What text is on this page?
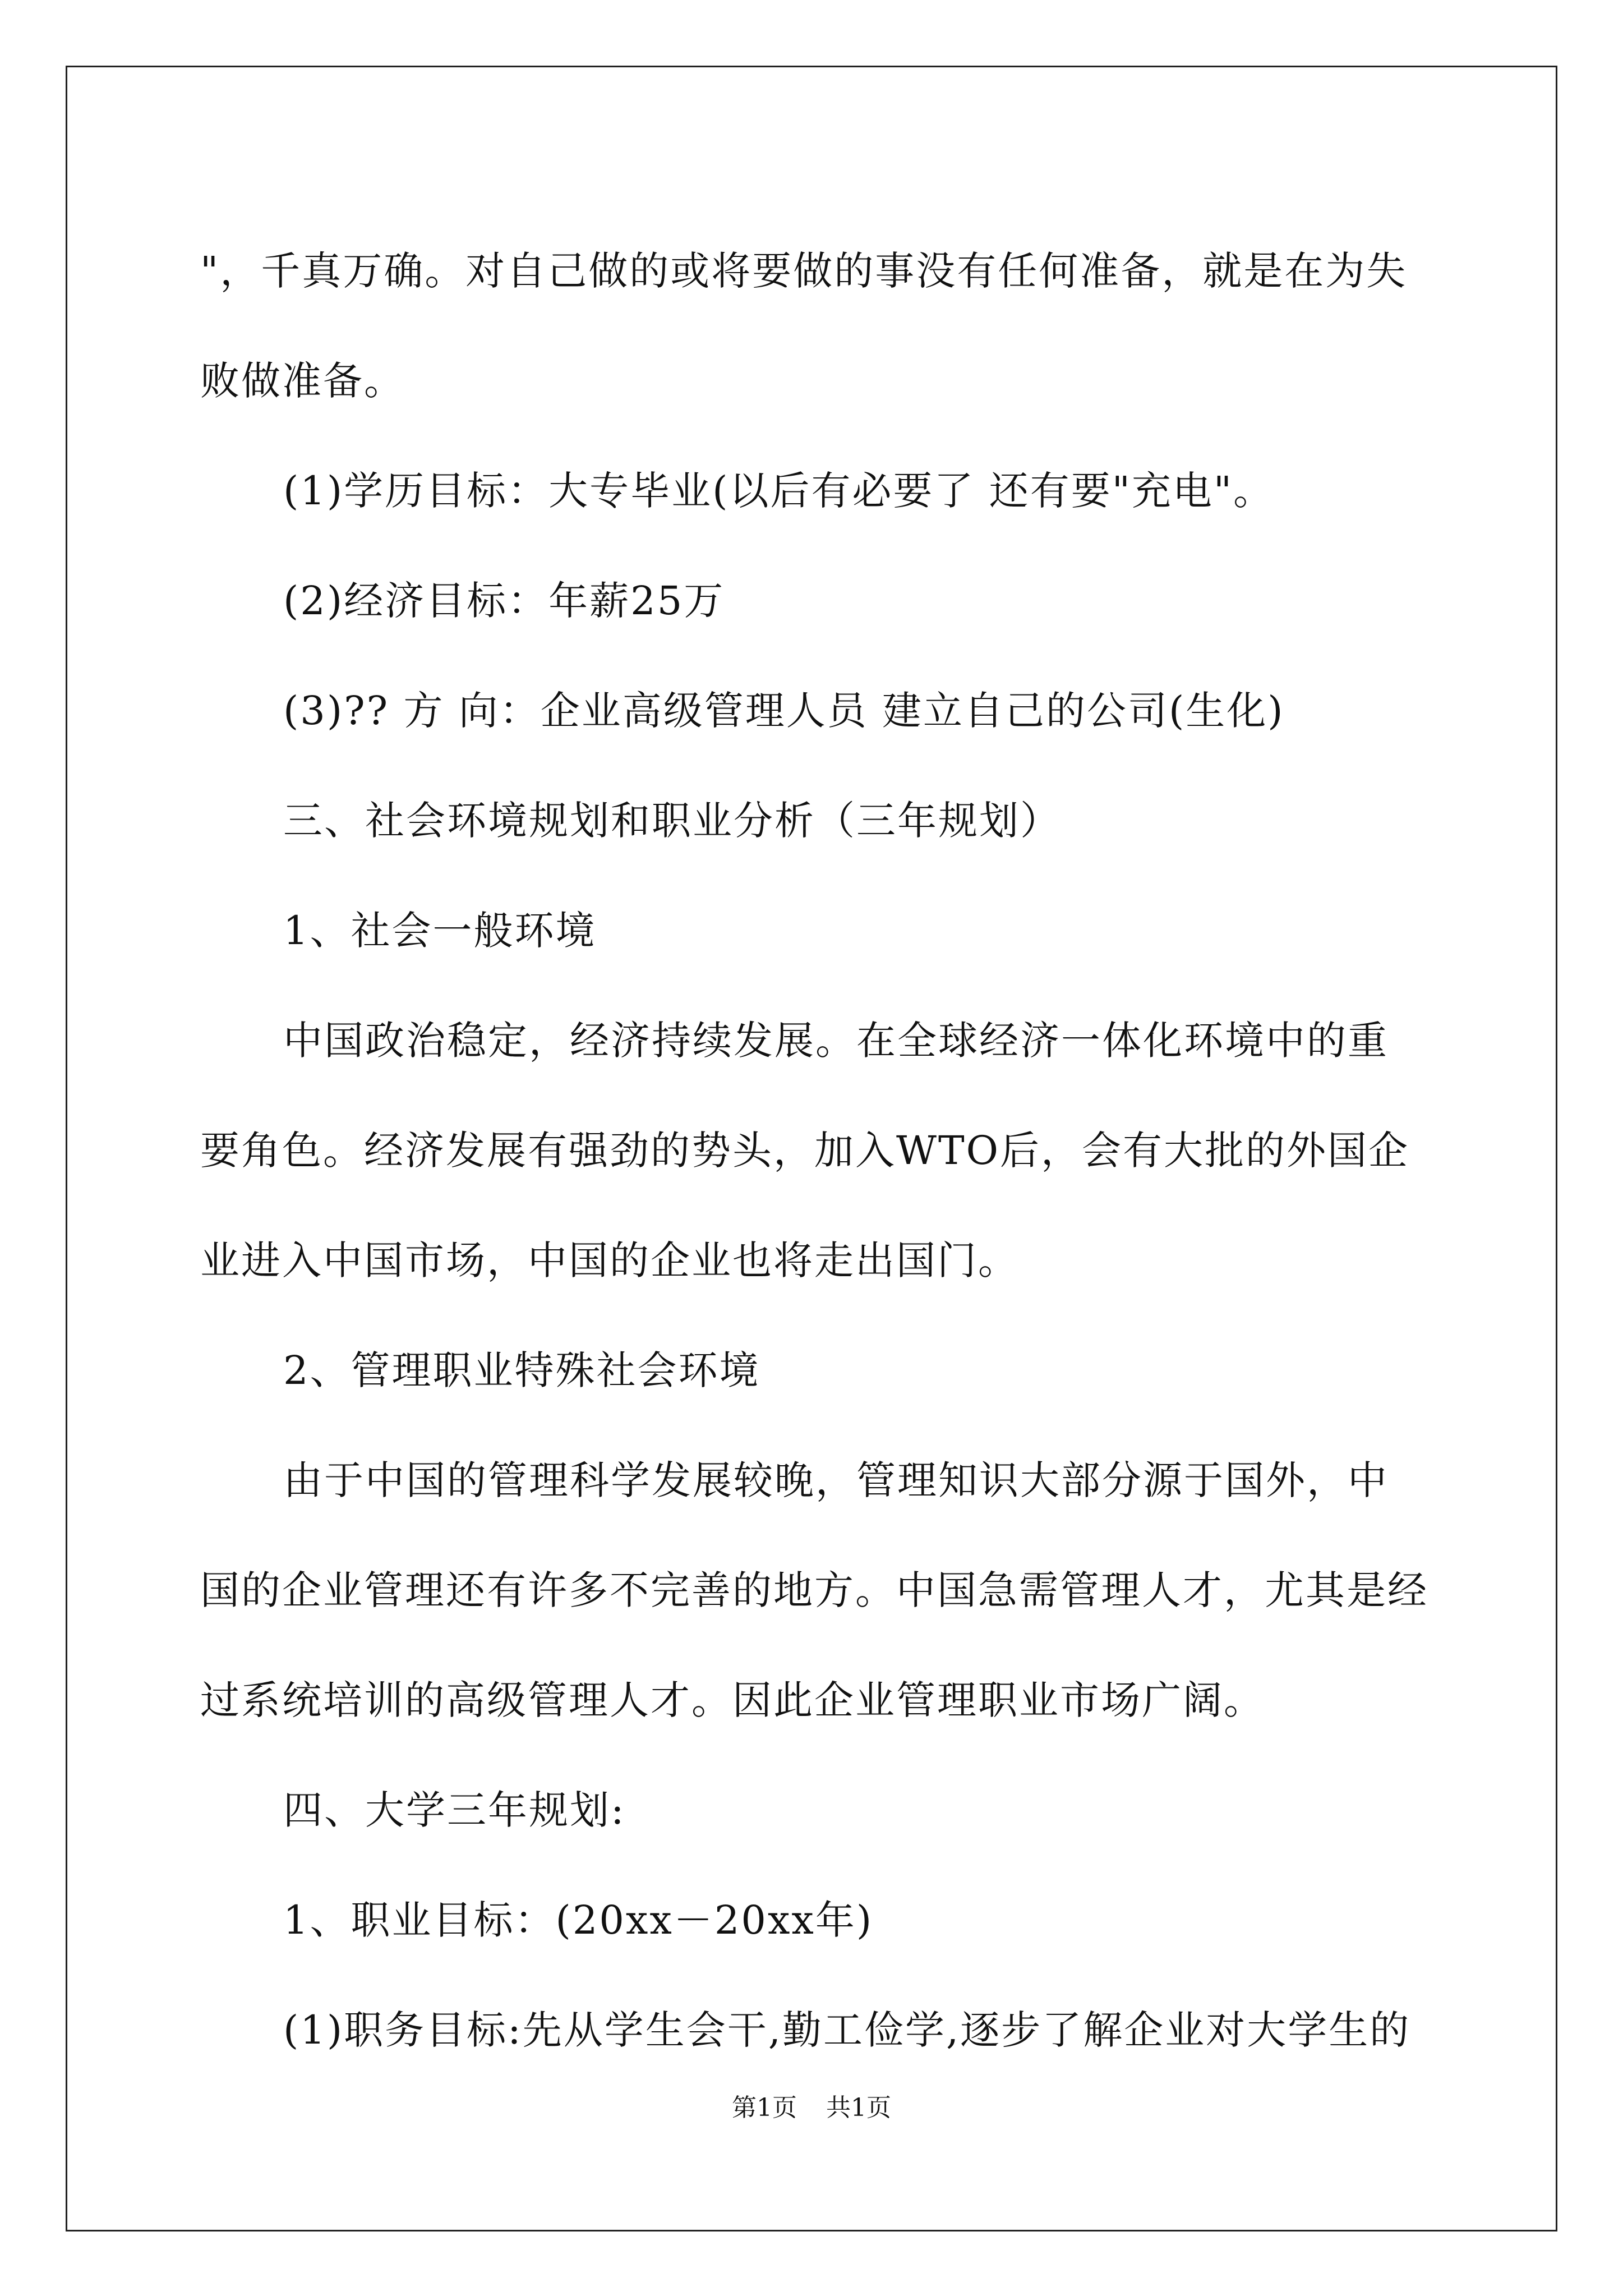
"，千真万确。对自己做的或将要做的事没有任何准备，就是在为失败做准备。

(1)学历目标：大专毕业(以后有必要了 还有要"充电"。

(2)经济目标：年薪25万

(3)?? 方 向：企业高级管理人员 建立自己的公司(生化)

三、社会环境规划和职业分析（三年规划）

1、社会一般环境

中国政治稳定，经济持续发展。在全球经济一体化环境中的重要角色。经济发展有强劲的势头，加入WTO后，会有大批的外国企业进入中国市场，中国的企业也将走出国门。

2、管理职业特殊社会环境

由于中国的管理科学发展较晚，管理知识大部分源于国外，中国的企业管理还有许多不完善的地方。中国急需管理人才，尤其是经过系统培训的高级管理人才。因此企业管理职业市场广阔。

四、大学三年规划:

1、职业目标：(20xx－20xx年)

(1)职务目标:先从学生会干,勤工俭学,逐步了解企业对大学生的

第1页 共1页
